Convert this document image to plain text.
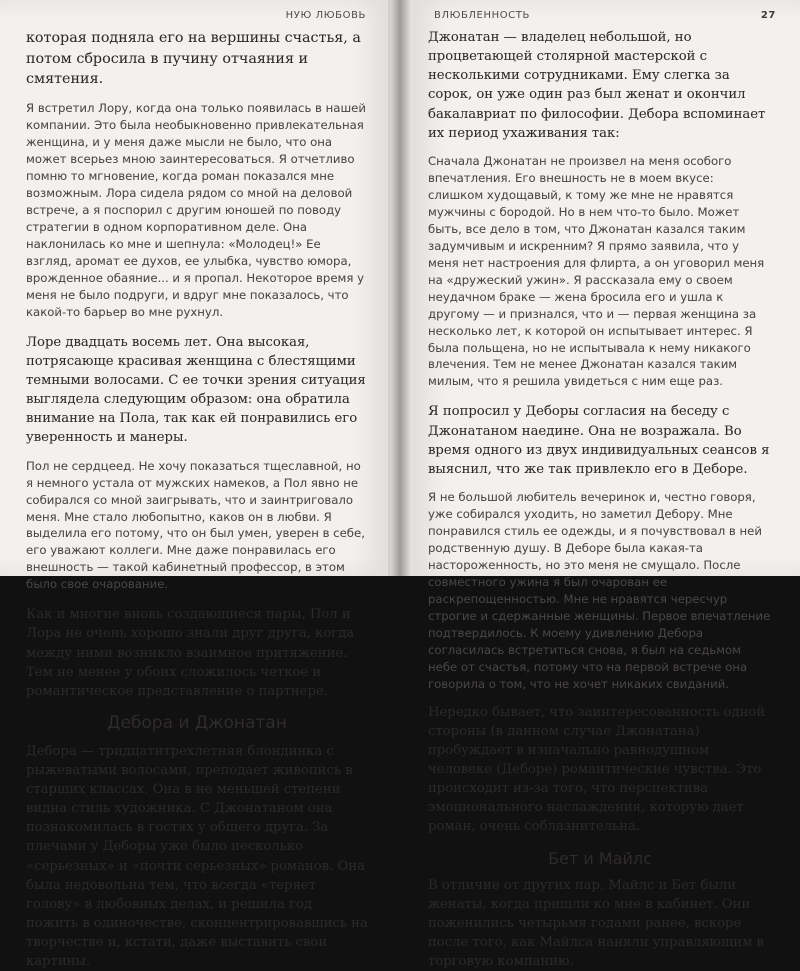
НУЮ ЛЮБОВЬ
которая подняла его на вершины счастья, а потом сбросила в пучину отчаяния и смятения.
Я встретил Лору, когда она только появилась в нашей компании. Это была необыкновенно привлекательная женщина, и у меня даже мысли не было, что она может всерьез мною заинтересоваться. Я отчетливо помню то мгновение, когда роман показался мне возможным. Лора сидела рядом со мной на деловой встрече, а я поспорил с другим юношей по поводу стратегии в одном корпоративном деле. Она наклонилась ко мне и шепнула: «Молодец!» Ее взгляд, аромат ее духов, ее улыбка, чувство юмора, врожденное обаяние... и я пропал. Некоторое время у меня не было подруги, и вдруг мне показалось, что какой-то барьер во мне рухнул.
Лоре двадцать восемь лет. Она высокая, потрясающе красивая женщина с блестящими темными волосами. С ее точки зрения ситуация выглядела следующим образом: она обратила внимание на Пола, так как ей понравились его уверенность и манеры.
Пол не сердцеед. Не хочу показаться тщеславной, но я немного устала от мужских намеков, а Пол явно не собирался со мной заигрывать, что и заинтриговало меня. Мне стало любопытно, каков он в любви. Я выделила его потому, что он был умен, уверен в себе, его уважают коллеги. Мне даже понравилась его внешность — такой кабинетный профессор, в этом было свое очарование.
Как и многие вновь создающиеся пары, Пол и Лора не очень хорошо знали друг друга, когда между ними возникло взаимное притяжение. Тем не менее у обоих сложилось четкое и романтическое представление о партнере.
Дебора и Джонатан
Дебора — тридцатитрехлетняя блондинка с рыжеватыми волосами, преподает живопись в старших классах. Она в не меньшей степени видна стиль художника. С Джонатаном она познакомилась в гостях у общего друга. За плечами у Деборы уже было несколько «серьезных» и «почти серьезных» романов. Она была недовольна тем, что всегда «теряет голову» в любовных делах, и решила год пожить в одиночестве, сконцентрировавшись на творчестве и, кстати, даже выставить свои картины.
ВЛЮБЛЕННОСТЬ	27
Джонатан — владелец небольшой, но процветающей столярной мастерской с несколькими сотрудниками. Ему слегка за сорок, он уже один раз был женат и окончил бакалавриат по философии. Дебора вспоминает их период ухаживания так:
Сначала Джонатан не произвел на меня особого впечатления. Его внешность не в моем вкусе: слишком худощавый, к тому же мне не нравятся мужчины с бородой. Но в нем что-то было. Может быть, все дело в том, что Джонатан казался таким задумчивым и искренним? Я прямо заявила, что у меня нет настроения для флирта, а он уговорил меня на «дружеский ужин». Я рассказала ему о своем неудачном браке — жена бросила его и ушла к другому — и признался, что и — первая женщина за несколько лет, к которой он испытывает интерес. Я была польщена, но не испытывала к нему никакого влечения. Тем не менее Джонатан казался таким милым, что я решила увидеться с ним еще раз.
Я попросил у Деборы согласия на беседу с Джонатаном наедине. Она не возражала. Во время одного из двух индивидуальных сеансов я выяснил, что же так привлекло его в Деборе.
Я не большой любитель вечеринок и, честно говоря, уже собирался уходить, но заметил Дебору. Мне понравился стиль ее одежды, и я почувствовал в ней родственную душу. В Деборе была какая-та настороженность, но это меня не смущало. После совместного ужина я был очарован ее раскрепощенностью. Мне не нравятся чересчур строгие и сдержанные женщины. Первое впечатление подтвердилось. К моему удивлению Дебора согласилась встретиться снова, я был на седьмом небе от счастья, потому что на первой встрече она говорила о том, что не хочет никаких свиданий.
Нередко бывает, что заинтересованность одной стороны (в данном случае Джонатана) пробуждает в изначально равнодушном человеке (Деборе) романтические чувства. Это происходит из-за того, что перспектива эмоционального наслаждения, которую дает роман, очень соблазнительна.
Бет и Майлс
В отличие от других пар, Майлс и Бет были женаты, когда пришли ко мне в кабинет. Они поженились четырьмя годами ранее, вскоре после того, как Майлса наняли управляющим в торговую компанию.
